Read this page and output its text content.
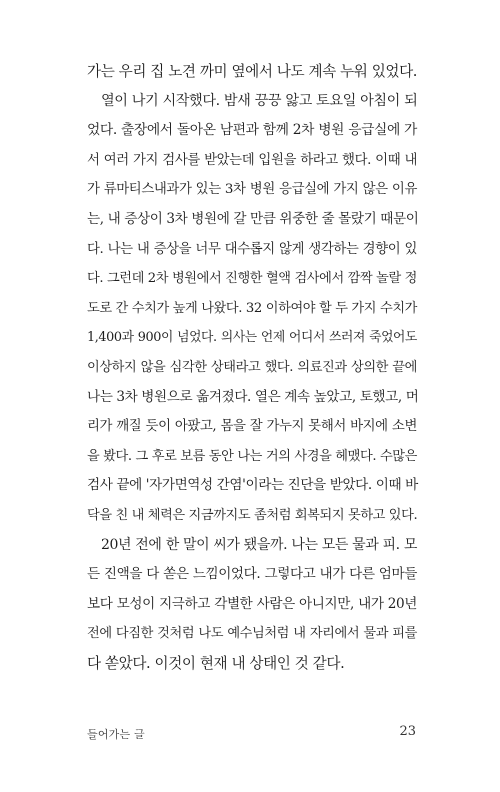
가는 우리 집 노견 까미 옆에서 나도 계속 누워 있었다.
열이 나기 시작했다. 밤새 끙끙 앓고 토요일 아침이 되
었다. 출장에서 돌아온 남편과 함께 2차 병원 응급실에 가
서 여러 가지 검사를 받았는데 입원을 하라고 했다. 이때 내
가 류마티스내과가 있는 3차 병원 응급실에 가지 않은 이유
는, 내 증상이 3차 병원에 갈 만큼 위중한 줄 몰랐기 때문이
다. 나는 내 증상을 너무 대수롭지 않게 생각하는 경향이 있
다. 그런데 2차 병원에서 진행한 혈액 검사에서 깜짝 놀랄 정
도로 간 수치가 높게 나왔다. 32 이하여야 할 두 가지 수치가
1,400과 900이 넘었다. 의사는 언제 어디서 쓰러져 죽었어도
이상하지 않을 심각한 상태라고 했다. 의료진과 상의한 끝에
나는 3차 병원으로 옮겨졌다. 열은 계속 높았고, 토했고, 머
리가 깨질 듯이 아팠고, 몸을 잘 가누지 못해서 바지에 소변
을 봤다. 그 후로 보름 동안 나는 거의 사경을 헤맸다. 수많은
검사 끝에 '자가면역성 간염'이라는 진단을 받았다. 이때 바
닥을 친 내 체력은 지금까지도 좀처럼 회복되지 못하고 있다.
20년 전에 한 말이 씨가 됐을까. 나는 모든 물과 피. 모
든 진액을 다 쏟은 느낌이었다. 그렇다고 내가 다른 엄마들
보다 모성이 지극하고 각별한 사람은 아니지만, 내가 20년
전에 다짐한 것처럼 나도 예수님처럼 내 자리에서 물과 피를
다 쏟았다. 이것이 현재 내 상태인 것 같다.
들어가는 글	23
